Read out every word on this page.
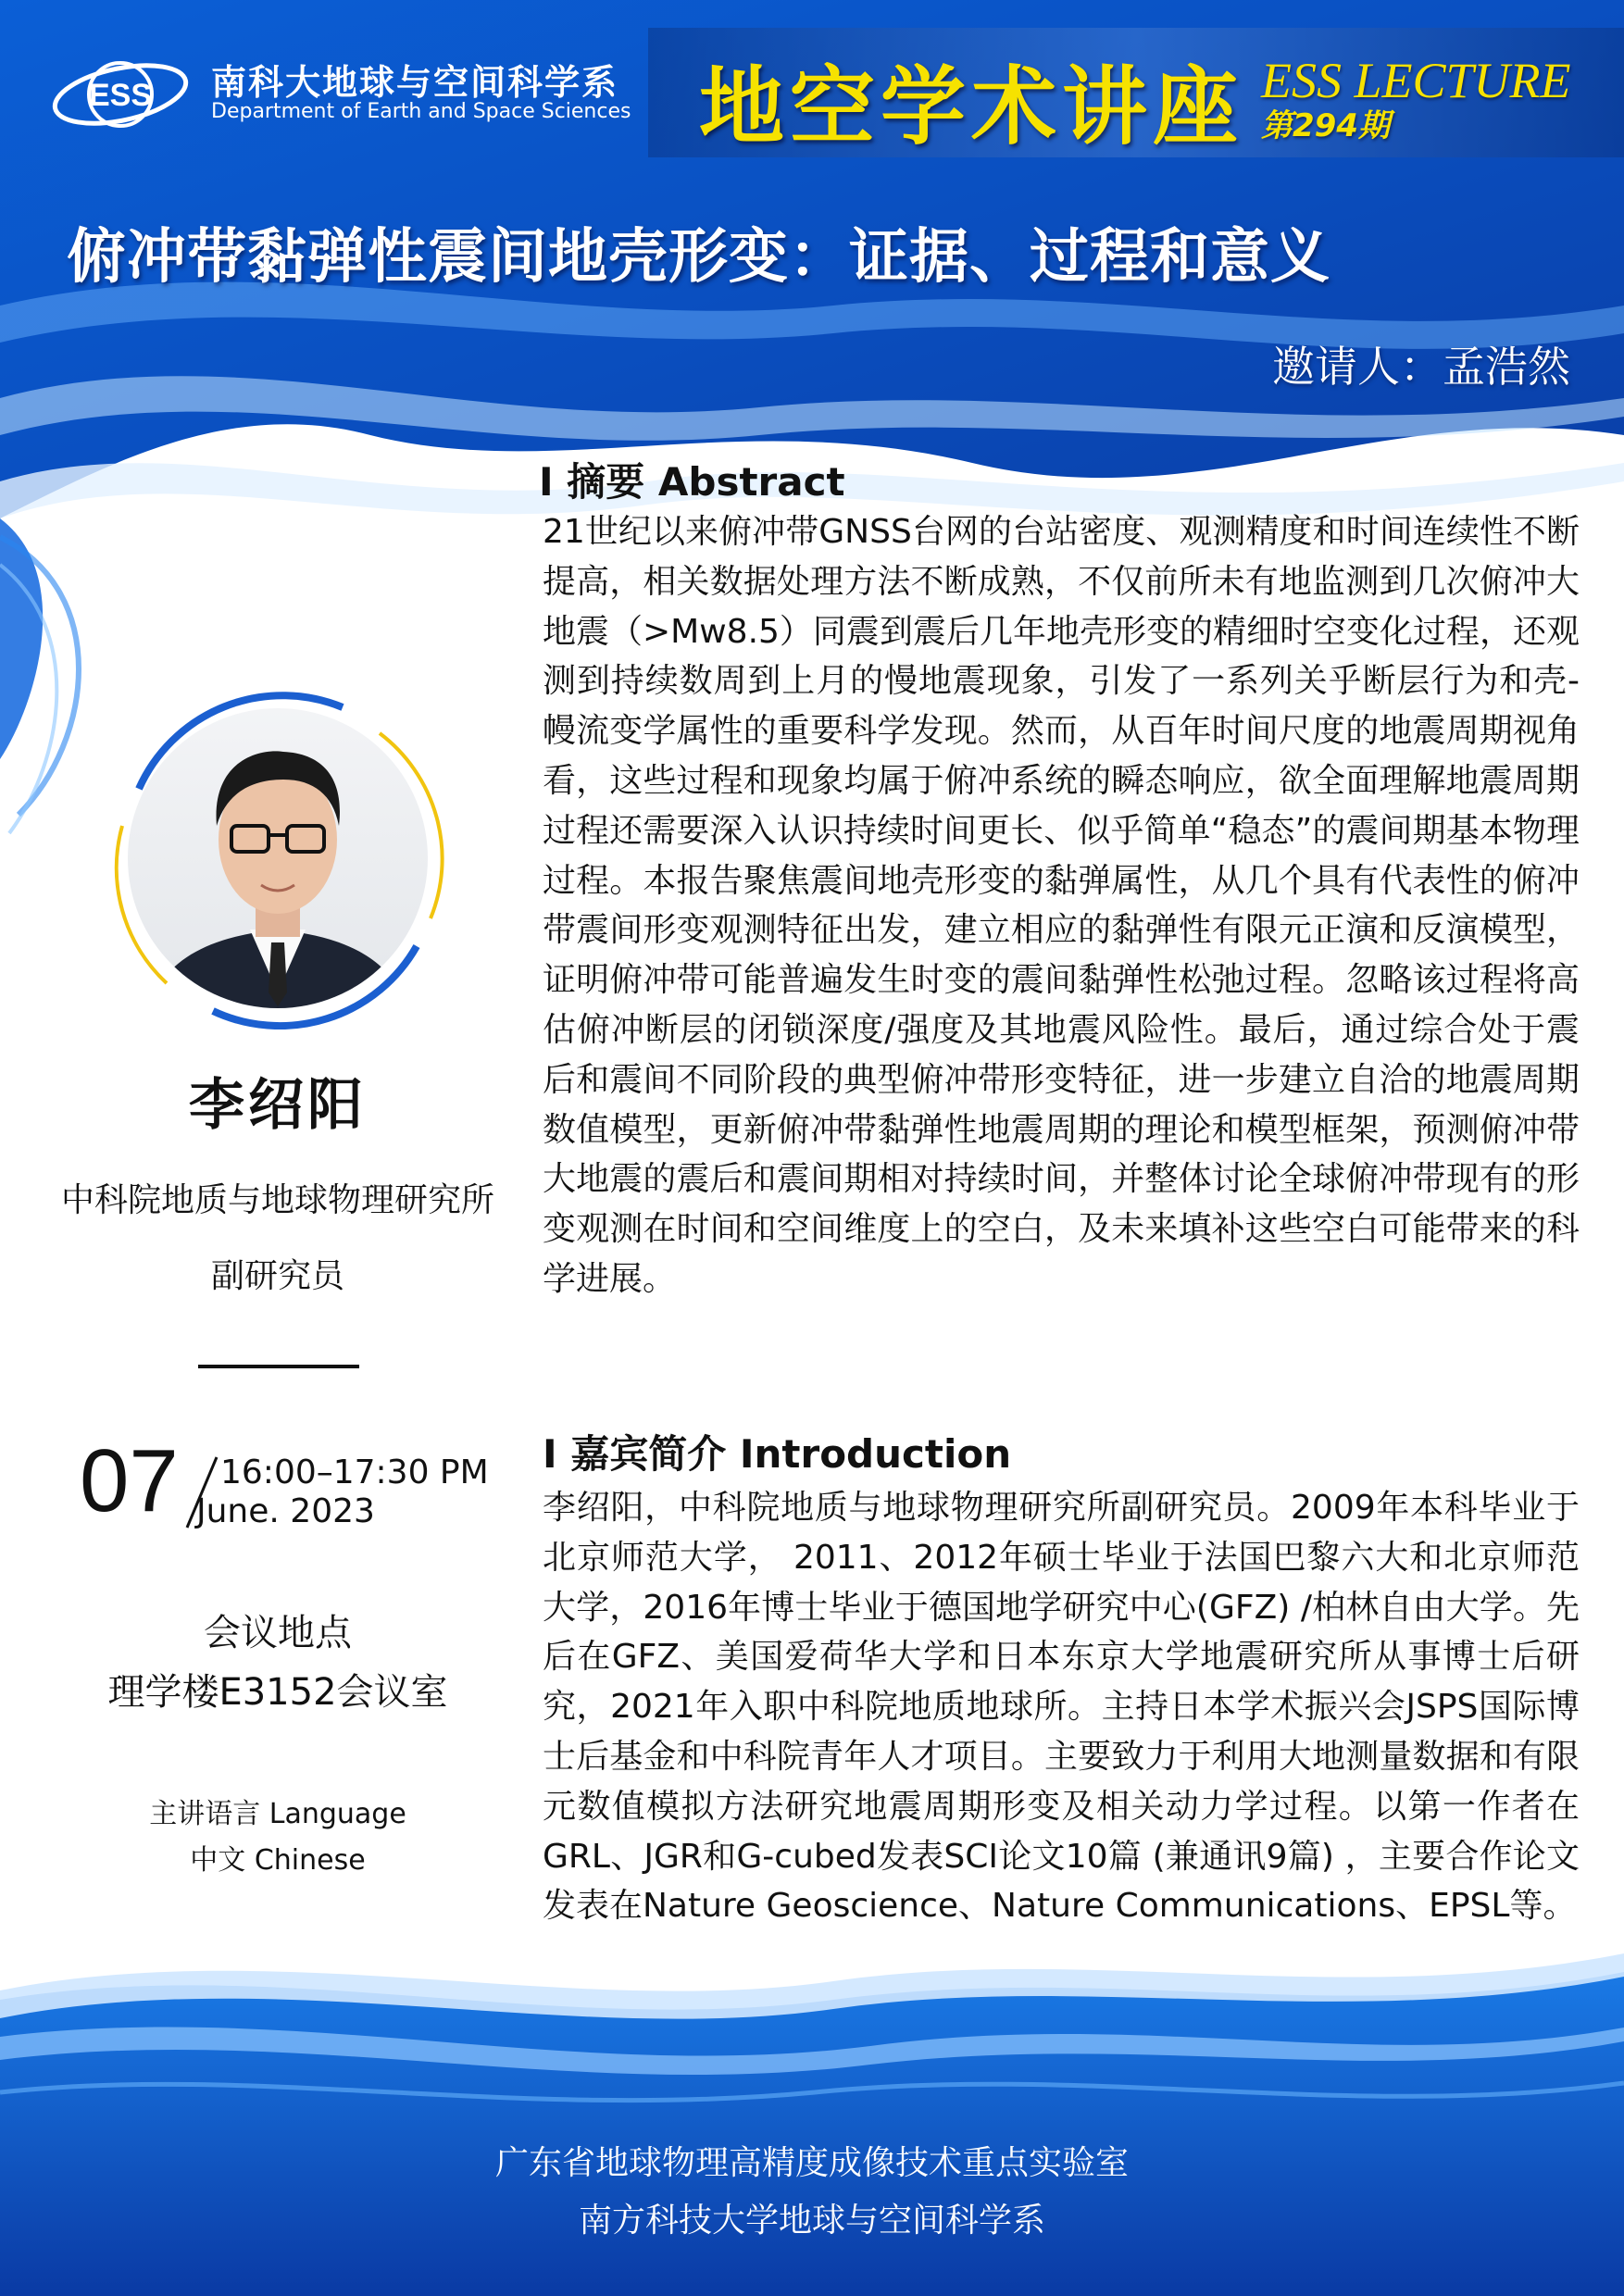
ESS 南科大地球与空间科学系
Department of Earth and Space Sciences 地空学术讲座 ESS LECTURE
第294期
俯冲带黏弹性震间地壳形变：证据、过程和意义
邀请人：孟浩然
李绍阳
中科院地质与地球物理研究所
副研究员
07 16:00–17:30 PM
June. 2023
会议地点
理学楼E3152会议室
主讲语言 Language
中文 Chinese
I 摘要 Abstract
21世纪以来俯冲带GNSS台网的台站密度、观测精度和时间连续性不断提高，相关数据处理方法不断成熟，不仅前所未有地监测到几次俯冲大地震（>Mw8.5）同震到震后几年地壳形变的精细时空变化过程，还观测到持续数周到上月的慢地震现象，引发了一系列关乎断层行为和壳-幔流变学属性的重要科学发现。然而，从百年时间尺度的地震周期视角看，这些过程和现象均属于俯冲系统的瞬态响应，欲全面理解地震周期过程还需要深入认识持续时间更长、似乎简单“稳态”的震间期基本物理过程。本报告聚焦震间地壳形变的黏弹属性，从几个具有代表性的俯冲带震间形变观测特征出发，建立相应的黏弹性有限元正演和反演模型，证明俯冲带可能普遍发生时变的震间黏弹性松弛过程。忽略该过程将高估俯冲断层的闭锁深度/强度及其地震风险性。最后，通过综合处于震后和震间不同阶段的典型俯冲带形变特征，进一步建立自洽的地震周期数值模型，更新俯冲带黏弹性地震周期的理论和模型框架，预测俯冲带大地震的震后和震间期相对持续时间，并整体讨论全球俯冲带现有的形变观测在时间和空间维度上的空白，及未来填补这些空白可能带来的科学进展。
I 嘉宾简介 Introduction
李绍阳，中科院地质与地球物理研究所副研究员。2009年本科毕业于北京师范大学， 2011、2012年硕士毕业于法国巴黎六大和北京师范大学，2016年博士毕业于德国地学研究中心(GFZ) /柏林自由大学。先后在GFZ、美国爱荷华大学和日本东京大学地震研究所从事博士后研究，2021年入职中科院地质地球所。主持日本学术振兴会JSPS国际博士后基金和中科院青年人才项目。主要致力于利用大地测量数据和有限元数值模拟方法研究地震周期形变及相关动力学过程。以第一作者在GRL、JGR和G-cubed发表SCI论文10篇 (兼通讯9篇) ，主要合作论文发表在Nature Geoscience、Nature Communications、EPSL等。
广东省地球物理高精度成像技术重点实验室
南方科技大学地球与空间科学系
